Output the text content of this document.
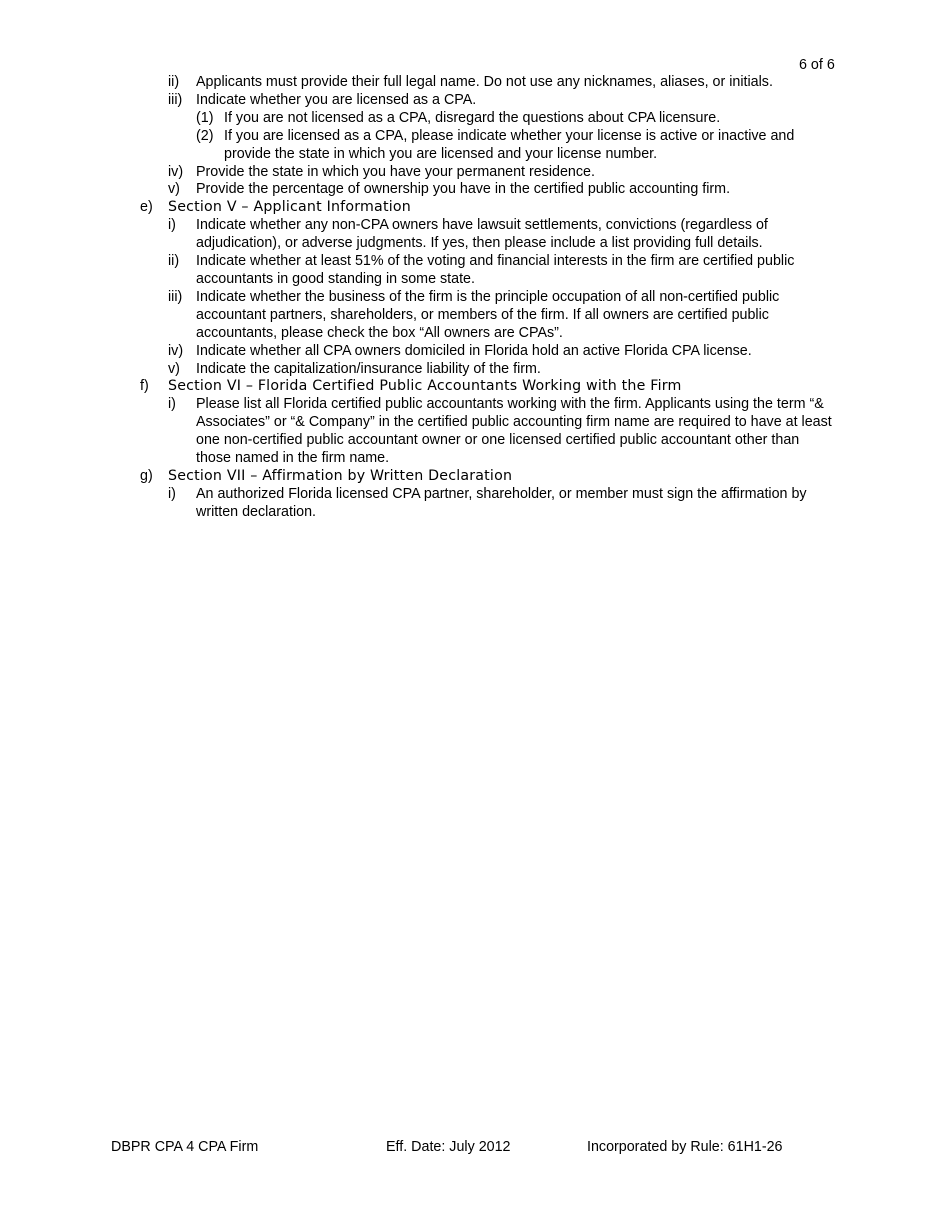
6 of 6
ii) Applicants must provide their full legal name. Do not use any nicknames, aliases, or initials.
iii) Indicate whether you are licensed as a CPA.
(1) If you are not licensed as a CPA, disregard the questions about CPA licensure.
(2) If you are licensed as a CPA, please indicate whether your license is active or inactive and provide the state in which you are licensed and your license number.
iv) Provide the state in which you have your permanent residence.
v) Provide the percentage of ownership you have in the certified public accounting firm.
e) Section V – Applicant Information
i) Indicate whether any non-CPA owners have lawsuit settlements, convictions (regardless of adjudication), or adverse judgments. If yes, then please include a list providing full details.
ii) Indicate whether at least 51% of the voting and financial interests in the firm are certified public accountants in good standing in some state.
iii) Indicate whether the business of the firm is the principle occupation of all non-certified public accountant partners, shareholders, or members of the firm. If all owners are certified public accountants, please check the box “All owners are CPAs”.
iv) Indicate whether all CPA owners domiciled in Florida hold an active Florida CPA license.
v) Indicate the capitalization/insurance liability of the firm.
f) Section VI – Florida Certified Public Accountants Working with the Firm
i) Please list all Florida certified public accountants working with the firm. Applicants using the term “& Associates” or “& Company” in the certified public accounting firm name are required to have at least one non-certified public accountant owner or one licensed certified public accountant other than those named in the firm name.
g) Section VII – Affirmation by Written Declaration
i) An authorized Florida licensed CPA partner, shareholder, or member must sign the affirmation by written declaration.
DBPR CPA 4 CPA Firm	Eff. Date: July 2012	Incorporated by Rule: 61H1-26
